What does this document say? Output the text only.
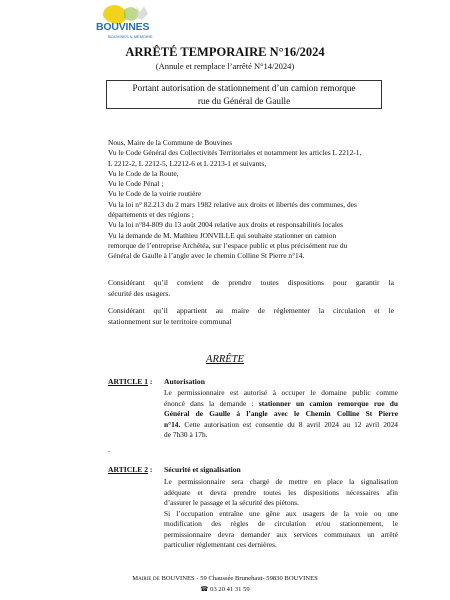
BOUVINES
BOUVINES & MÉMOIRE
ARRÊTÉ TEMPORAIRE N°16/2024
(Annule et remplace l’arrêté N°14/2024)
Portant autorisation de stationnement d’un camion remorque
rue du Général de Gaulle
Nous, Maire de la Commune de Bouvines
Vu le Code Général des Collectivités Territoriales et notamment les articles L 2212-1,
L 2212-2, L 2212-5, L2212-6 et L 2213-1 et suivants,
Vu le Code de la Route,
Vu le Code Pénal ;
Vu le Code de la voirie routière
Vu la loi n° 82.213 du 2 mars 1982 relative aux droits et libertés des communes, des
départements et des régions ;
Vu la loi n°84-809 du 13 août 2004 relative aux droits et responsabilités locales
Vu la demande de M. Mathieu JONVILLE qui souhaite stationner un camion
remorque de l’entreprise Archétéa, sur l’espace public et plus précisément rue du
Général de Gaulle à l’angle avec le chemin Colline St Pierre n°14.
Considérant qu’il convient de prendre toutes dispositions pour garantir la
sécurité des usagers.
Considérant qu’il appartient au maire de réglementer la circulation et le
stationnement sur le territoire communal
ARRÊTE
ARTICLE 1 : Autorisation
Le permissionnaire est autorisé à occuper le domaine public comme
énoncé dans la demande : stationner un camion remorque rue du
Général de Gaulle à l’angle avec le Chemin Colline St Pierre
n°14. Cette autorisation est consentie du 8 avril 2024 au 12 avril 2024
de 7h30 à 17h.
.
ARTICLE 2 : Sécurité et signalisation
Le permissionnaire sera chargé de mettre en place la signalisation
adéquate et devra prendre toutes les dispositions nécessaires afin
d’assurer le passage et la sécurité des piétons.
Si l’occupation entraîne une gêne aux usagers de la voie ou une
modification des règles de circulation et/ou stationnement, le
permissionnaire devra demander aux services communaux un arrêté
particulier réglementant ces dernières.
Mairie de BOUVINES - 59 Chaussée Brunehaut- 59830 BOUVINES
☎ 03 20 41 31 59
